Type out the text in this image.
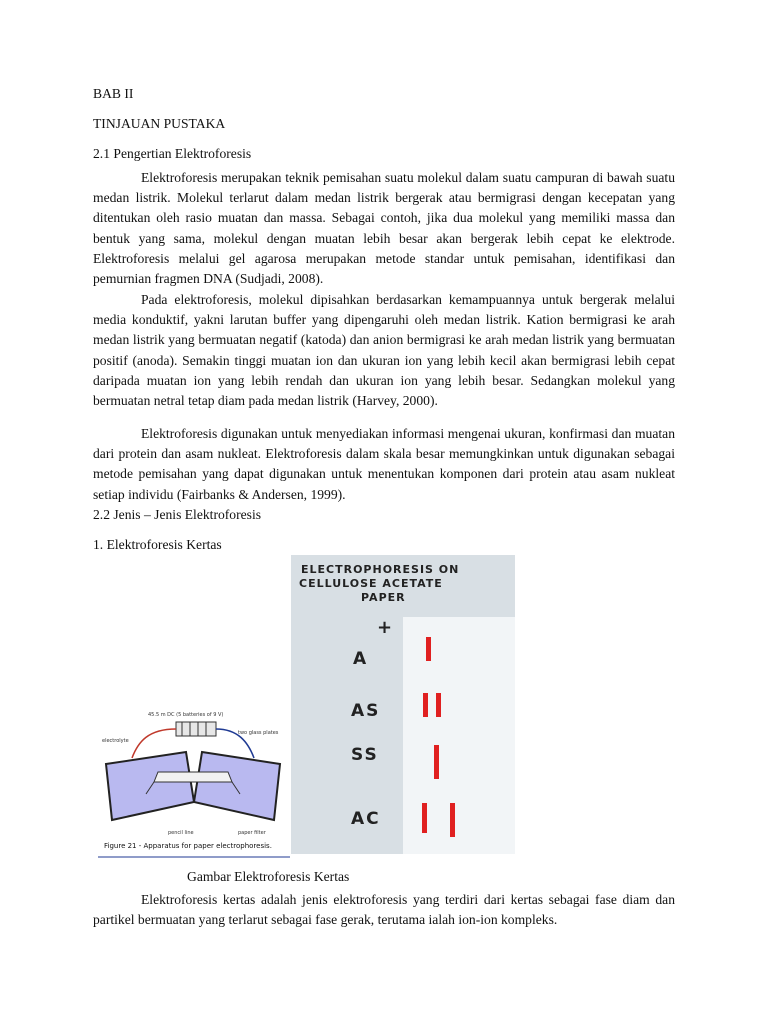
BAB II
TINJAUAN PUSTAKA
2.1 Pengertian Elektroforesis

Elektroforesis merupakan teknik pemisahan suatu molekul dalam suatu campuran di bawah suatu medan listrik. Molekul terlarut dalam medan listrik bergerak atau bermigrasi dengan kecepatan yang ditentukan oleh rasio muatan dan massa. Sebagai contoh, jika dua molekul yang memiliki massa dan bentuk yang sama, molekul dengan muatan lebih besar akan bergerak lebih cepat ke elektrode. Elektroforesis melalui gel agarosa merupakan metode standar untuk pemisahan, identifikasi dan pemurnian fragmen DNA (Sudjadi, 2008).

Pada elektroforesis, molekul dipisahkan berdasarkan kemampuannya untuk bergerak melalui media konduktif, yakni larutan buffer yang dipengaruhi oleh medan listrik. Kation bermigrasi ke arah medan listrik yang bermuatan negatif (katoda) dan anion bermigrasi ke arah medan listrik yang bermuatan positif (anoda). Semakin tinggi muatan ion dan ukuran ion yang lebih kecil akan bermigrasi lebih cepat daripada muatan ion yang lebih rendah dan ukuran ion yang lebih besar. Sedangkan molekul yang bermuatan netral tetap diam pada medan listrik (Harvey, 2000).

Elektroforesis digunakan untuk menyediakan informasi mengenai ukuran, konfirmasi dan muatan dari protein dan asam nukleat. Elektroforesis dalam skala besar memungkinkan untuk digunakan sebagai metode pemisahan yang dapat digunakan untuk menentukan komponen dari protein atau asam nukleat setiap individu (Fairbanks & Andersen, 1999).

2.2 Jenis – Jenis Elektroforesis
1. Elektroforesis Kertas
45.5 m DC (5 batteries of 9 V)
electrolyte
two glass plates
pencil line	paper filter
Figure 21 - Apparatus for paper electrophoresis.
ELECTROPHORESIS ON
CELLULOSE ACETATE
PAPER
+
A
AS
SS
AC
Gambar Elektroforesis Kertas

Elektroforesis kertas adalah jenis elektroforesis yang terdiri dari kertas sebagai fase diam dan partikel bermuatan yang terlarut sebagai fase gerak, terutama ialah ion-ion kompleks.
